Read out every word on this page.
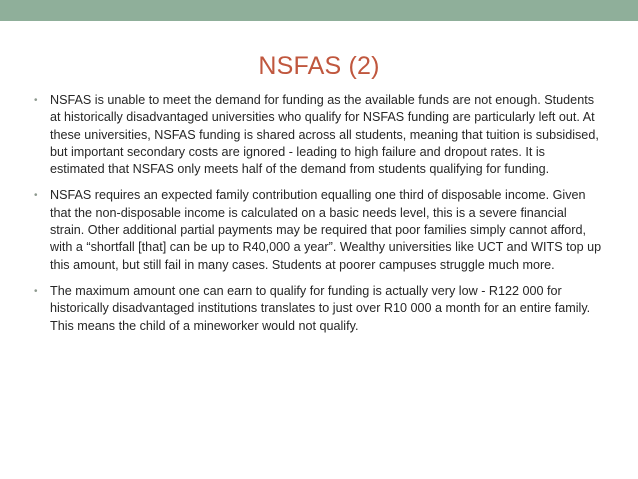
NSFAS (2)
• NSFAS is unable to meet the demand for funding as the available funds are not enough. Students at historically disadvantaged universities who qualify for NSFAS funding are particularly left out. At these universities, NSFAS funding is shared across all students, meaning that tuition is subsidised, but important secondary costs are ignored - leading to high failure and dropout rates. It is estimated that NSFAS only meets half of the demand from students qualifying for funding.
• NSFAS requires an expected family contribution equalling one third of disposable income. Given that the non-disposable income is calculated on a basic needs level, this is a severe financial strain. Other additional partial payments may be required that poor families simply cannot afford, with a “shortfall [that] can be up to R40,000 a year”. Wealthy universities like UCT and WITS top up this amount, but still fail in many cases. Students at poorer campuses struggle much more.
• The maximum amount one can earn to qualify for funding is actually very low - R122 000 for historically disadvantaged institutions translates to just over R10 000 a month for an entire family. This means the child of a mineworker would not qualify.
